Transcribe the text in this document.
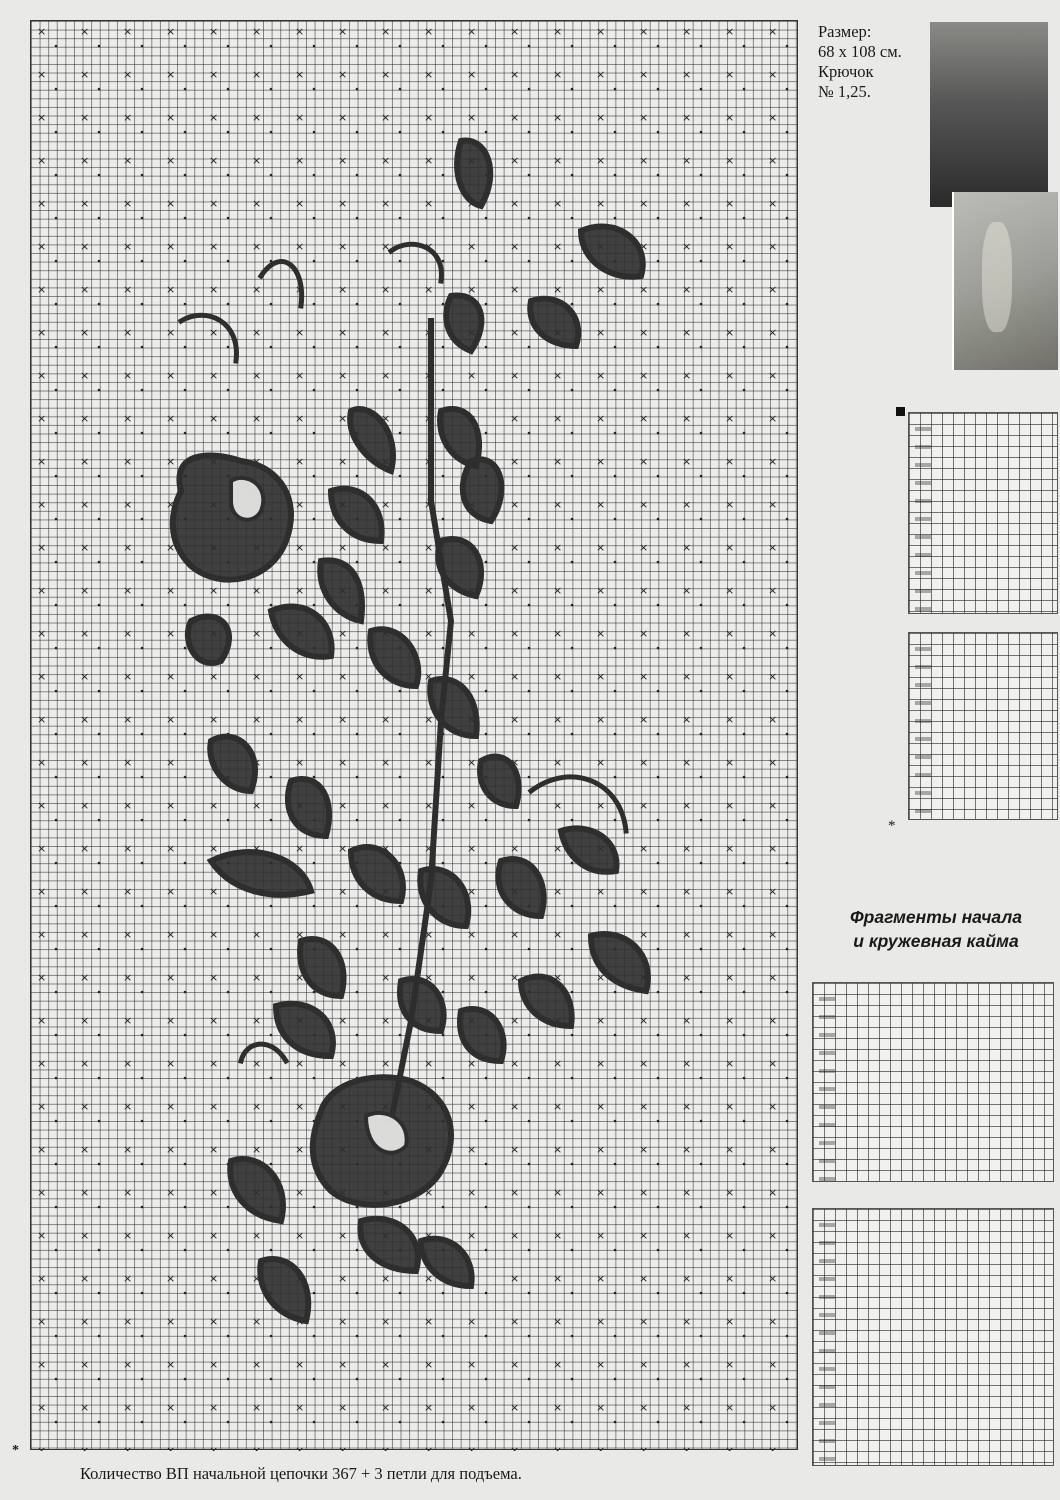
*
Размер:
68 x 108 см.
Крючок
№ 1,25.
*
Фрагменты начала
и кружевная кайма
Количество ВП начальной цепочки 367 + 3 петли для подъема.
